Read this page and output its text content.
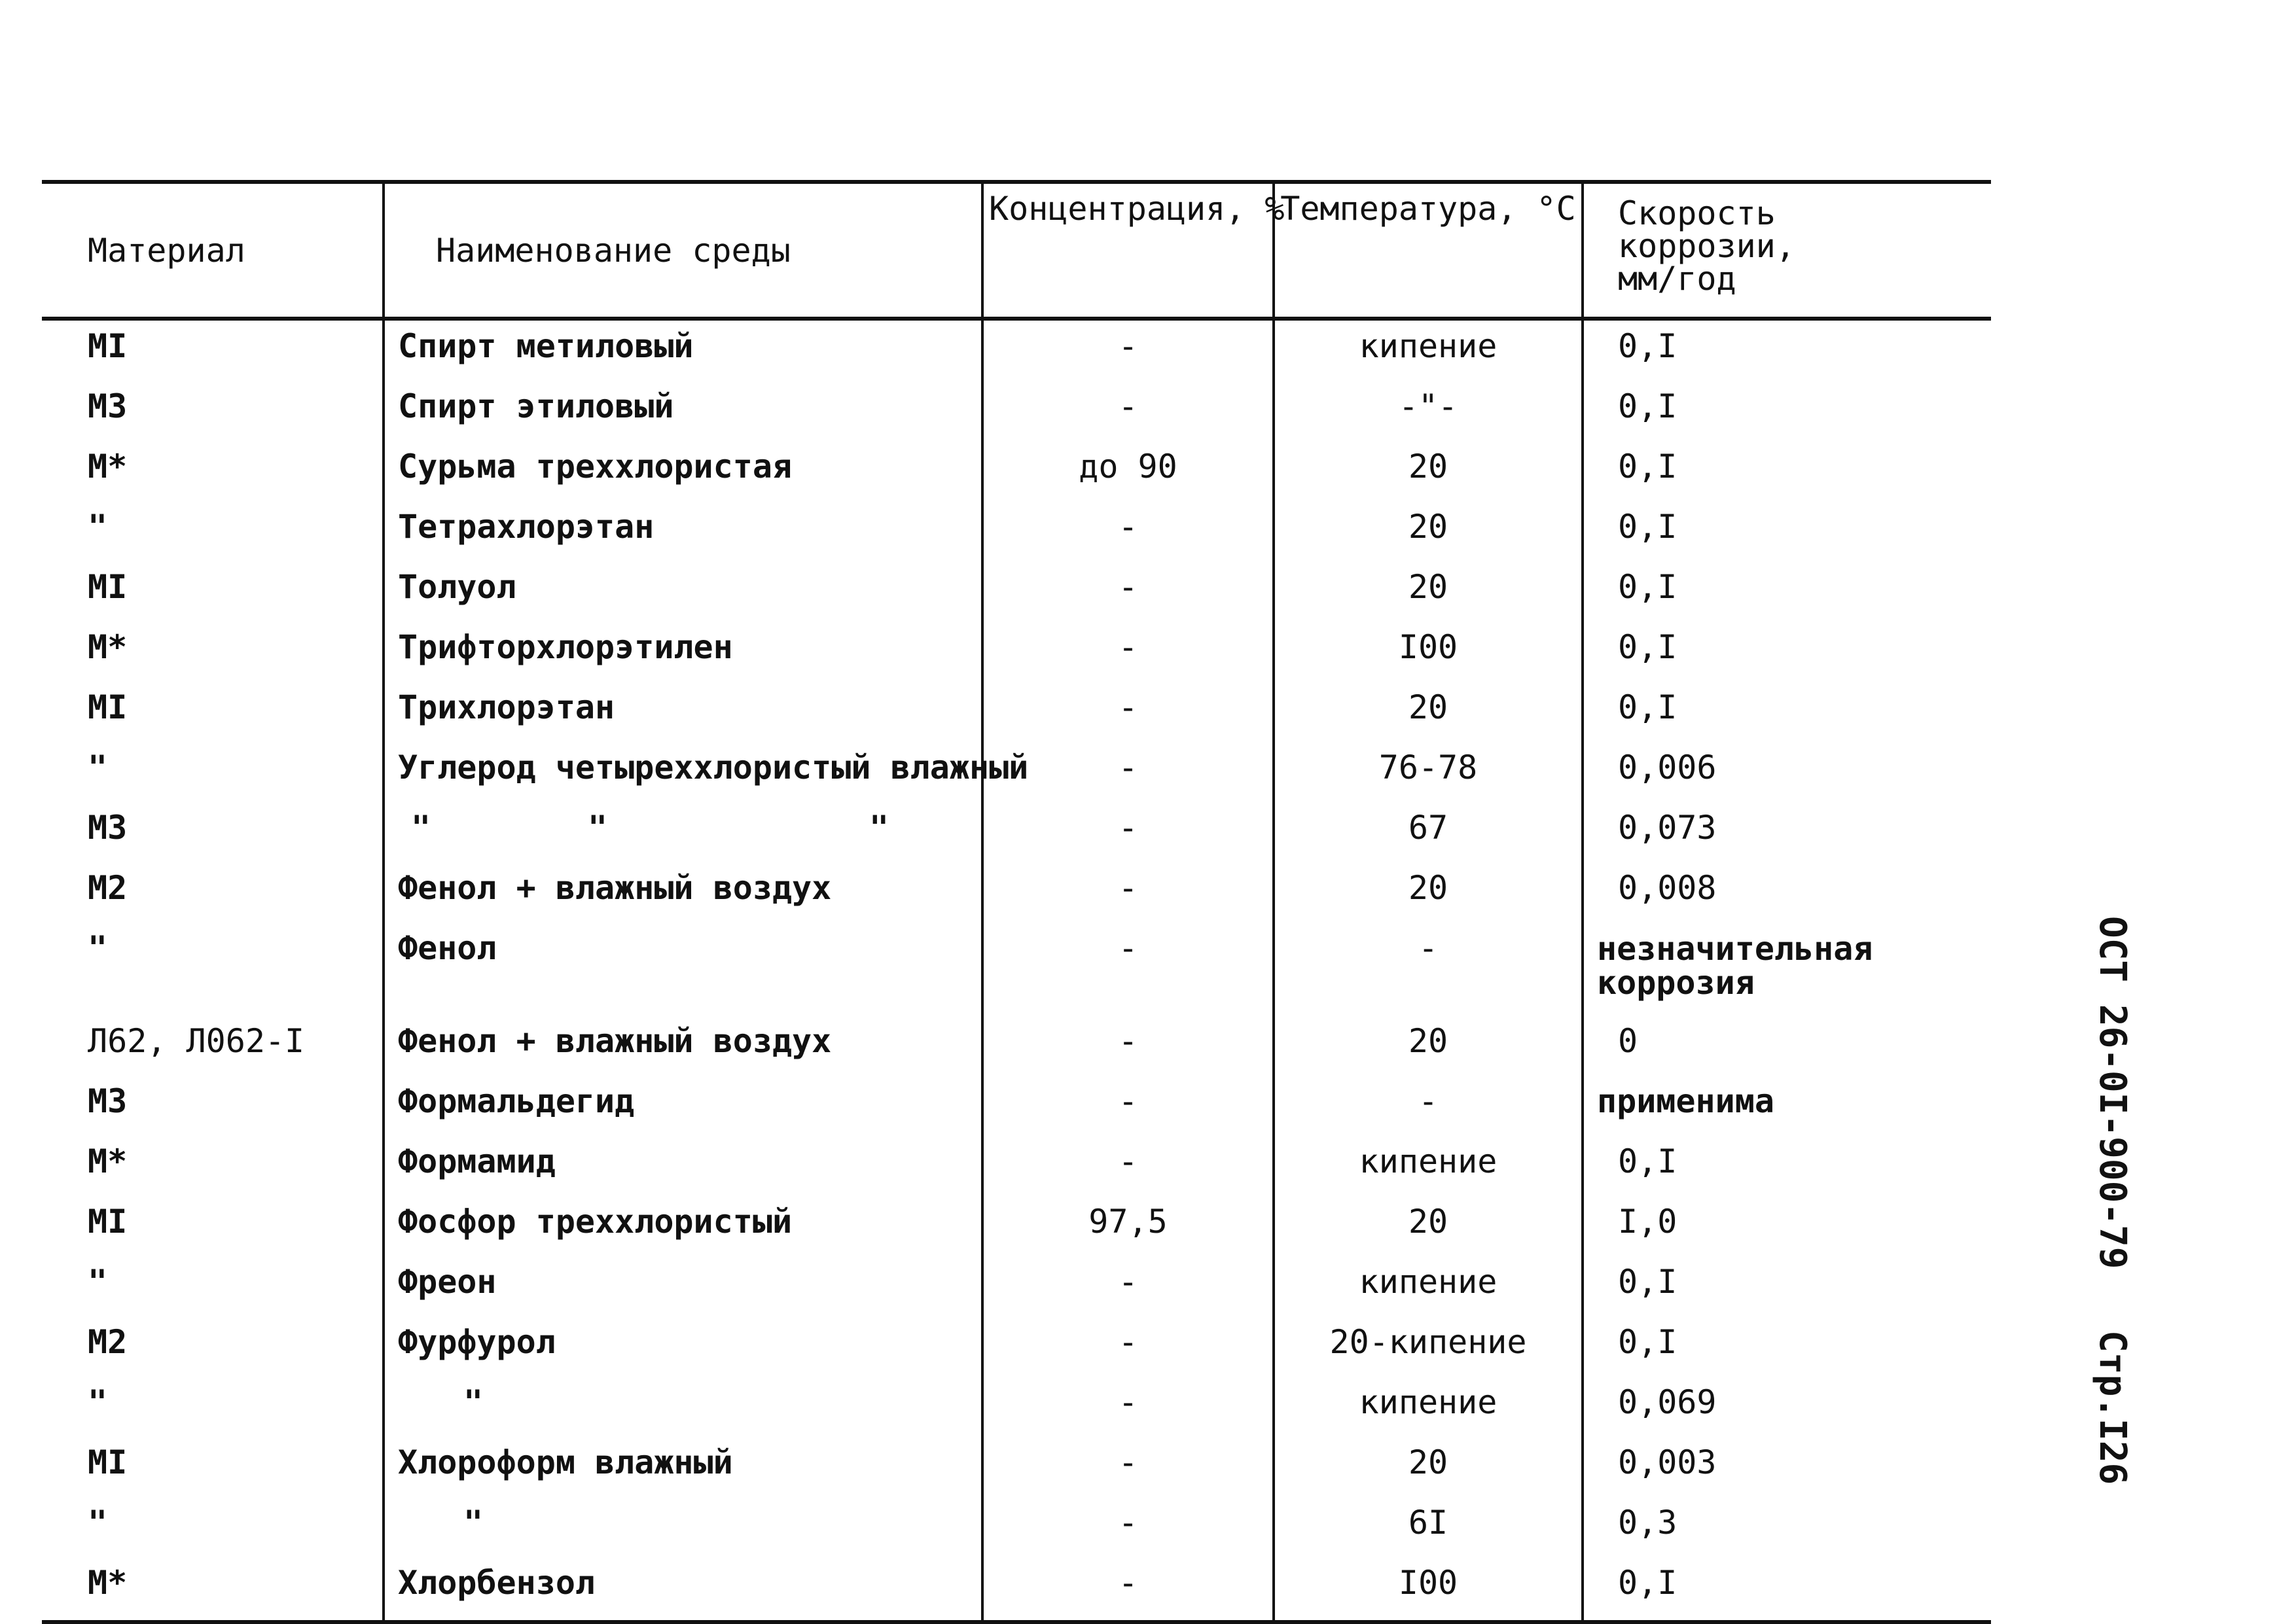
Материал	Наименование среды	Концентрация, %	Температура, °С	Скорость
коррозии,
мм/год

МI	Спирт метиловый	-	кипение	0,I
М3	Спирт этиловый	-	-"-	0,I
М*	Сурьма треххлористая	до 90	20	0,I
"	Тетрахлорэтан	-	20	0,I
МI	Толуол	-	20	0,I
М*	Трифторхлорэтилен	-	I00	0,I
МI	Трихлорэтан	-	20	0,I
"	Углерод четыреххлористый влажный	-	76-78	0,006
М3	" " "	-	67	0,073
М2	Фенол + влажный воздух	-	20	0,008
"	Фенол	-	-	незначительная
коррозия

Л62, Л062-I	Фенол + влажный воздух	-	20	0
М3	Формальдегид	-	-	применима
М*	Формамид	-	кипение	0,I
МI	Фосфор треххлористый	97,5	20	I,0
"	Фреон	-	кипение	0,I
М2	Фурфурол	-	20-кипение	0,I
"	"	-	кипение	0,069
МI	Хлороформ влажный	-	20	0,003
"	"	-	6I	0,3
М*	Хлорбензол	-	I00	0,I
ОСТ 26-0I-900-79 Стр.I26
